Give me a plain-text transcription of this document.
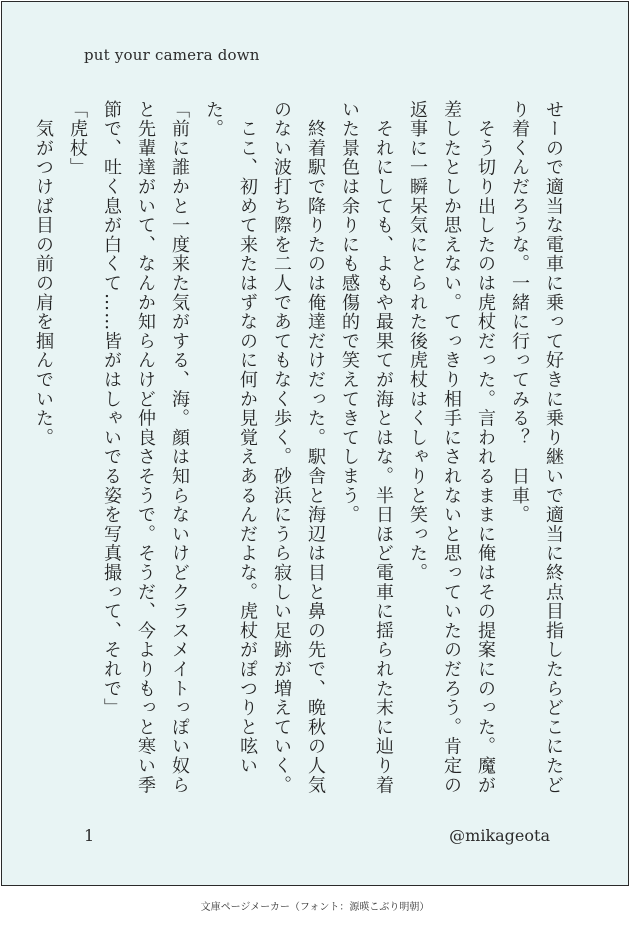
put your camera down

せーので適当な電車に乗って好きに乗り継いで適当に終点目指したらどこにたどり着くんだろうな。一緒に行ってみる？　日車。

　そう切り出したのは虎杖だった。言われるままに俺はその提案にのった。魔が差したとしか思えない。てっきり相手にされないと思っていたのだろう。肯定の返事に一瞬呆気にとられた後虎杖はくしゃりと笑った。

　それにしても、よもや最果てが海とはな。半日ほど電車に揺られた末に辿り着いた景色は余りにも感傷的で笑えてきてしまう。

　終着駅で降りたのは俺達だけだった。駅舎と海辺は目と鼻の先で、晩秋の人気のない波打ち際を二人であてもなく歩く。砂浜にうら寂しい足跡が増えていく。

　ここ、初めて来たはずなのに何か見覚えあるんだよな。虎杖がぽつりと呟いた。

「前に誰かと一度来た気がする、海。顔は知らないけどクラスメイトっぽい奴らと先輩達がいて、なんか知らんけど仲良さそうで。そうだ、今よりもっと寒い季節で、吐く息が白くて……皆がはしゃいでる姿を写真撮って、それで」

「虎杖」

　気がつけば目の前の肩を掴んでいた。

1	@mikageota
文庫ページメーカー（フォント：源暎こぶり明朝）
